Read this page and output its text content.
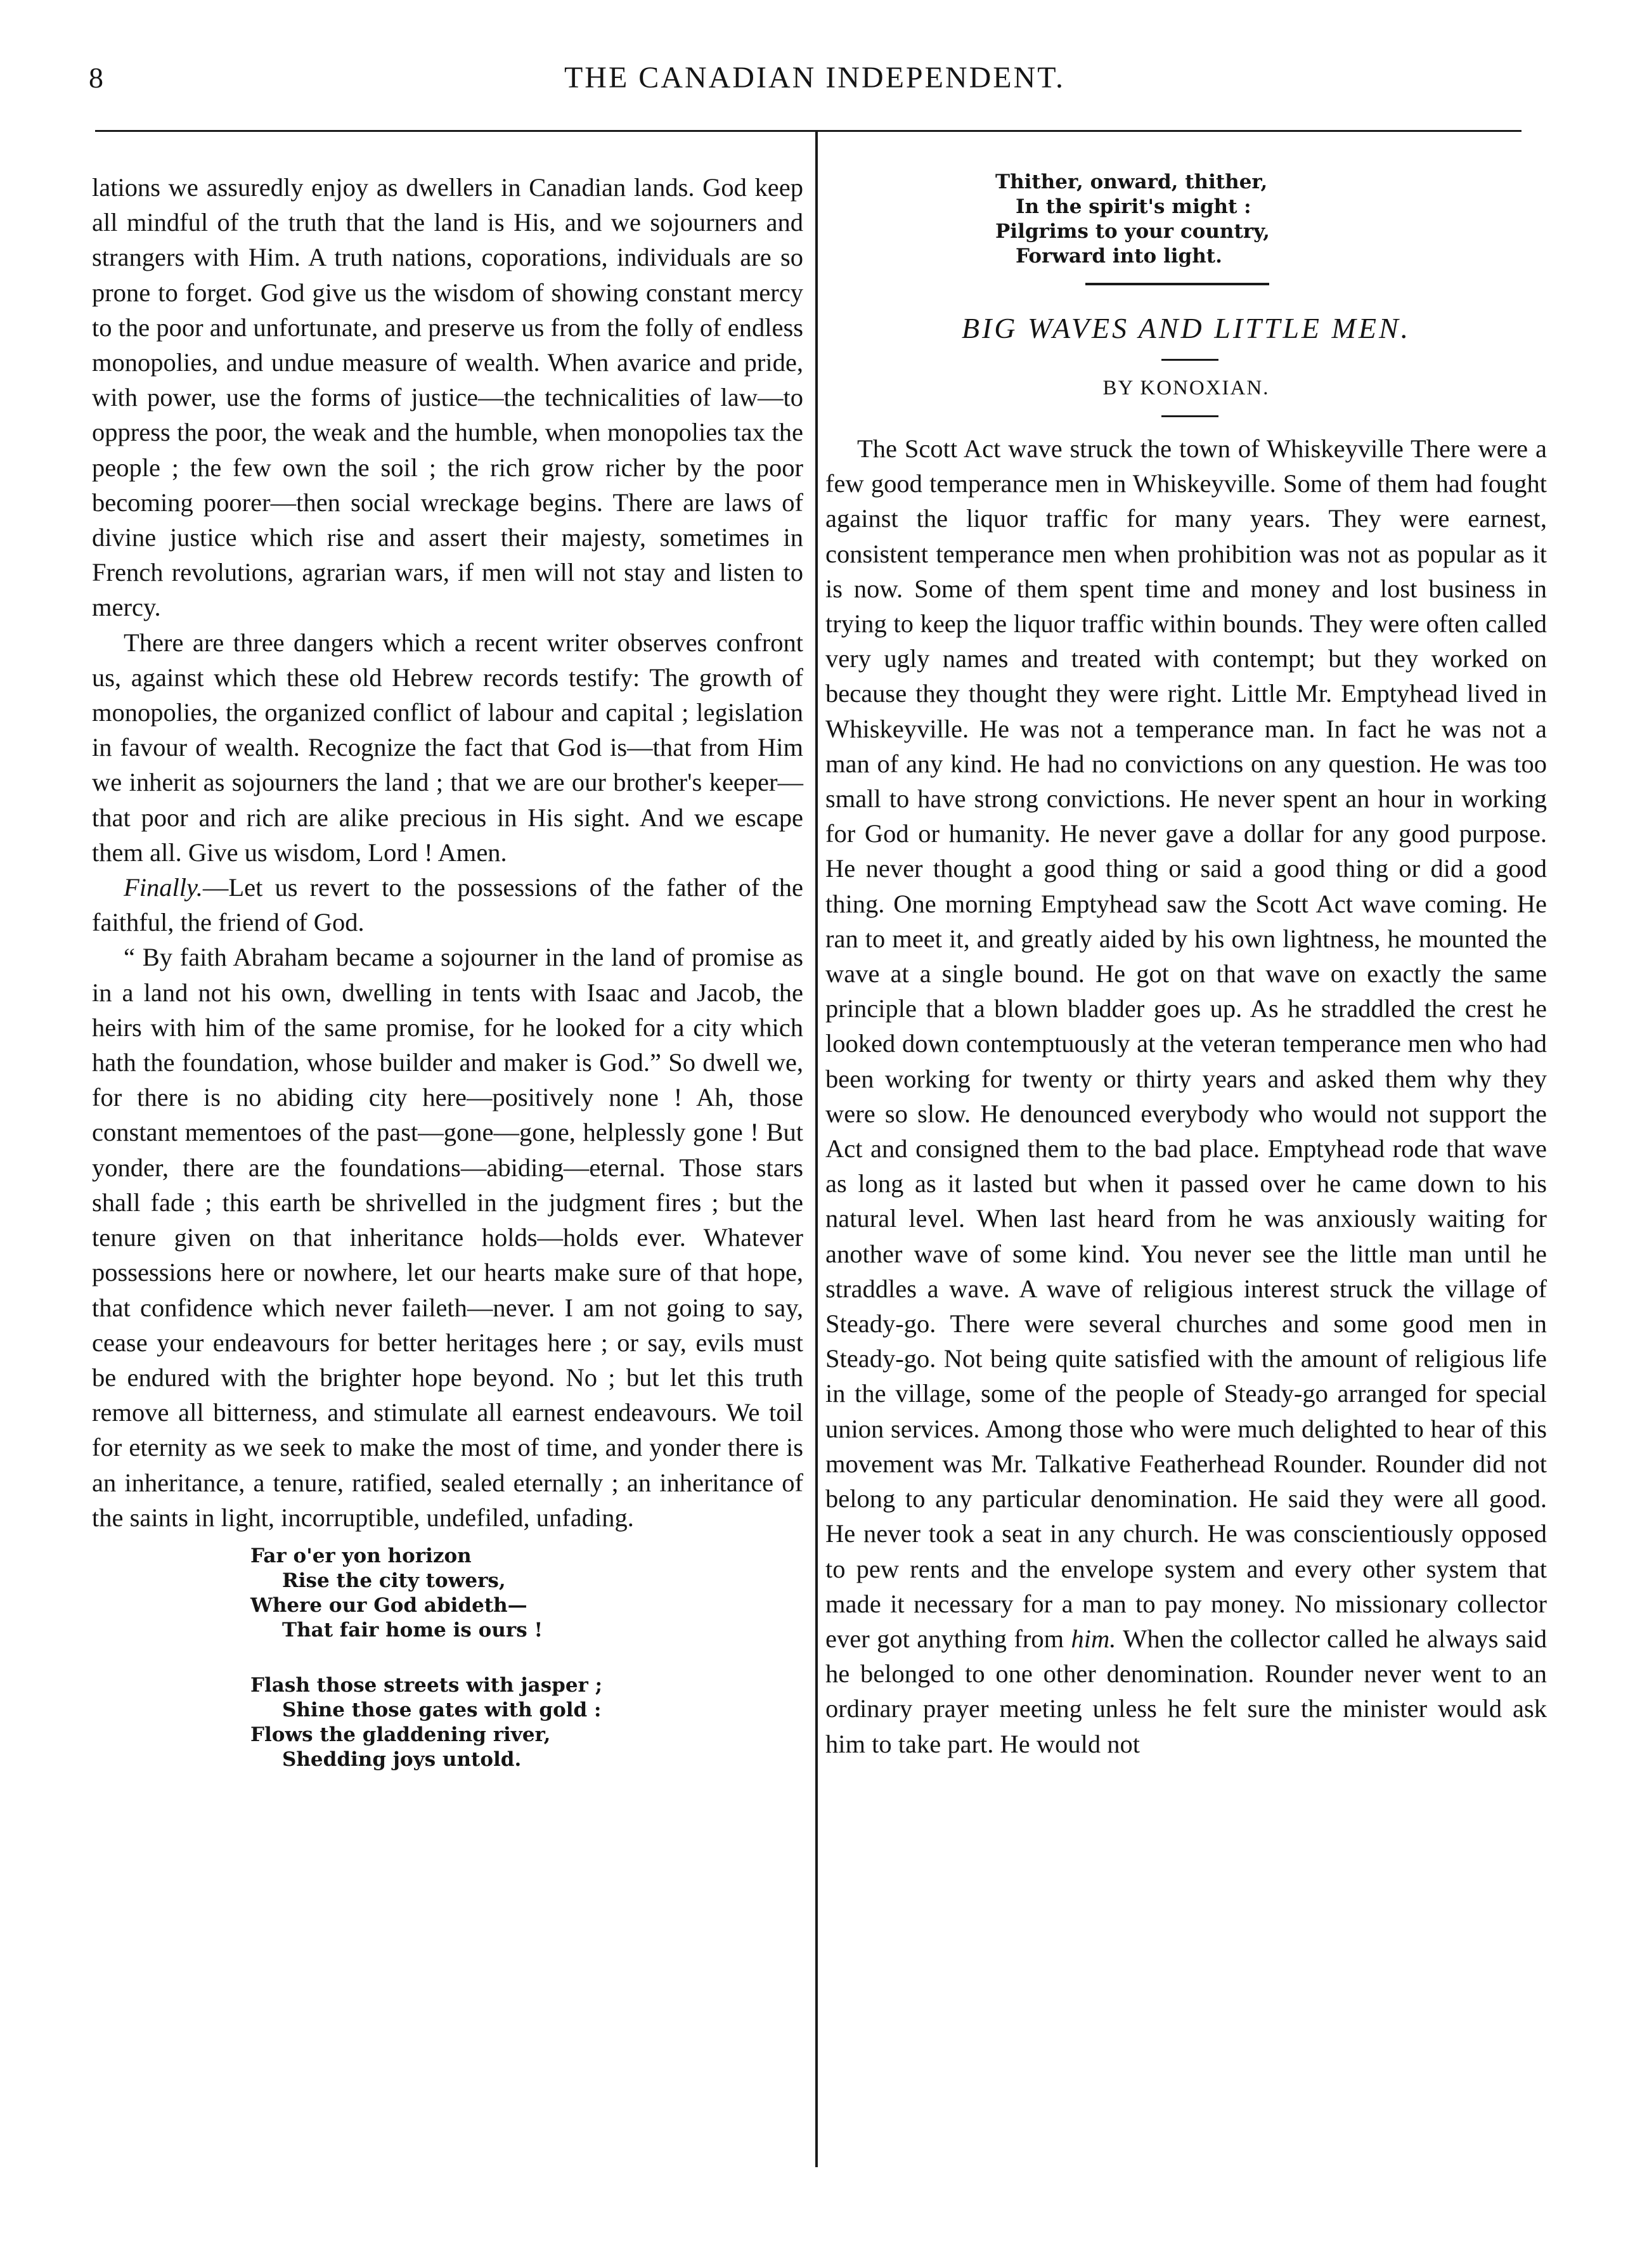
8	THE CANADIAN INDEPENDENT.

lations we assuredly enjoy as dwellers in Canadian lands. God keep all mindful of the truth that the land is His, and we sojourners and strangers with Him. A truth nations, coporations, individuals are so prone to forget. God give us the wisdom of showing constant mercy to the poor and unfortunate, and preserve us from the folly of endless monopolies, and undue measure of wealth. When avarice and pride, with power, use the forms of justice—the technicalities of law—to oppress the poor, the weak and the humble, when monopolies tax the people ; the few own the soil ; the rich grow richer by the poor becoming poorer—then social wreckage begins. There are laws of divine justice which rise and assert their majesty, sometimes in French revolutions, agrarian wars, if men will not stay and listen to mercy.

There are three dangers which a recent writer observes confront us, against which these old Hebrew records testify: The growth of monopolies, the organized conflict of labour and capital ; legislation in favour of wealth. Recognize the fact that God is—that from Him we inherit as sojourners the land ; that we are our brother's keeper—that poor and rich are alike precious in His sight. And we escape them all. Give us wisdom, Lord ! Amen.

Finally.—Let us revert to the possessions of the father of the faithful, the friend of God.

“ By faith Abraham became a sojourner in the land of promise as in a land not his own, dwelling in tents with Isaac and Jacob, the heirs with him of the same promise, for he looked for a city which hath the foundation, whose builder and maker is God.” So dwell we, for there is no abiding city here—positively none ! Ah, those constant mementoes of the past—gone—gone, helplessly gone ! But yonder, there are the foundations—abiding—eternal. Those stars shall fade ; this earth be shrivelled in the judgment fires ; but the tenure given on that inheritance holds—holds ever. Whatever possessions here or nowhere, let our hearts make sure of that hope, that confidence which never faileth—never. I am not going to say, cease your endeavours for better heritages here ; or say, evils must be endured with the brighter hope beyond. No ; but let this truth remove all bitterness, and stimulate all earnest endeavours. We toil for eternity as we seek to make the most of time, and yonder there is an inheritance, a tenure, ratified, sealed eternally ; an inheritance of the saints in light, incorruptible, undefiled, unfading.

Far o'er yon horizon
Rise the city towers,
Where our God abideth—
That fair home is ours !
Flash those streets with jasper ;
Shine those gates with gold :
Flows the gladdening river,
Shedding joys untold.
Thither, onward, thither,
In the spirit's might :
Pilgrims to your country,
Forward into light.
BIG WAVES AND LITTLE MEN.
BY KONOXIAN.

The Scott Act wave struck the town of Whiskeyville There were a few good temperance men in Whiskeyville. Some of them had fought against the liquor traffic for many years. They were earnest, consistent temperance men when prohibition was not as popular as it is now. Some of them spent time and money and lost business in trying to keep the liquor traffic within bounds. They were often called very ugly names and treated with contempt; but they worked on because they thought they were right. Little Mr. Emptyhead lived in Whiskeyville. He was not a temperance man. In fact he was not a man of any kind. He had no convictions on any question. He was too small to have strong convictions. He never spent an hour in working for God or humanity. He never gave a dollar for any good purpose. He never thought a good thing or said a good thing or did a good thing. One morning Emptyhead saw the Scott Act wave coming. He ran to meet it, and greatly aided by his own lightness, he mounted the wave at a single bound. He got on that wave on exactly the same principle that a blown bladder goes up. As he straddled the crest he looked down contemptuously at the veteran temperance men who had been working for twenty or thirty years and asked them why they were so slow. He denounced everybody who would not support the Act and consigned them to the bad place. Emptyhead rode that wave as long as it lasted but when it passed over he came down to his natural level. When last heard from he was anxiously waiting for another wave of some kind. You never see the little man until he straddles a wave. A wave of religious interest struck the village of Steady-go. There were several churches and some good men in Steady-go. Not being quite satisfied with the amount of religious life in the village, some of the people of Steady-go arranged for special union services. Among those who were much delighted to hear of this movement was Mr. Talkative Featherhead Rounder. Rounder did not belong to any particular denomination. He said they were all good. He never took a seat in any church. He was conscientiously opposed to pew rents and the envelope system and every other system that made it necessary for a man to pay money. No missionary collector ever got anything from him. When the collector called he always said he belonged to one other denomination. Rounder never went to an ordinary prayer meeting unless he felt sure the minister would ask him to take part. He would not
